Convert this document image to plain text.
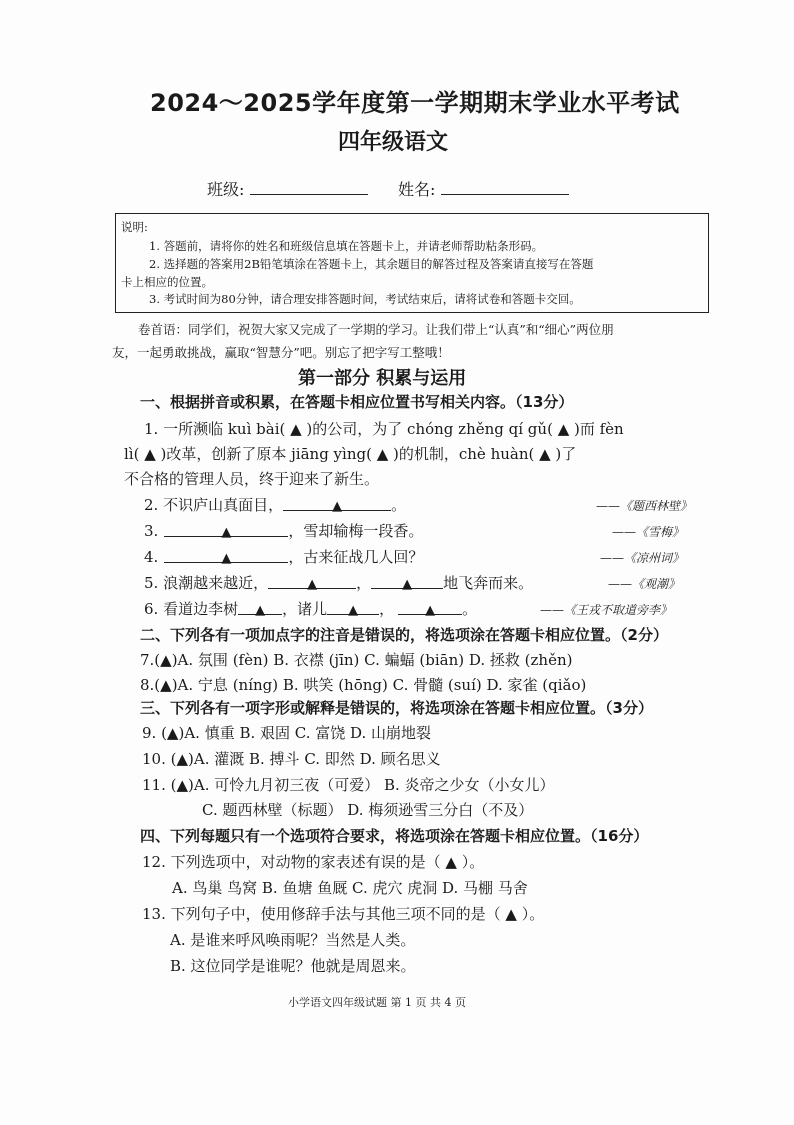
2024～2025学年度第一学期期末学业水平考试
四年级语文
班级:	姓名:
说明:
1. 答题前，请将你的姓名和班级信息填在答题卡上，并请老师帮助粘条形码。
2. 选择题的答案用2B铅笔填涂在答题卡上，其余题目的解答过程及答案请直接写在答题
卡上相应的位置。
3. 考试时间为80分钟，请合理安排答题时间，考试结束后，请将试卷和答题卡交回。
卷首语：同学们，祝贺大家又完成了一学期的学习。让我们带上“认真”和“细心”两位朋
友，一起勇敢挑战，赢取“智慧分”吧。别忘了把字写工整哦！
第一部分 积累与运用
一、根据拼音或积累，在答题卡相应位置书写相关内容。（13分）
1. 一所濒临 kuì bài( ▲ )的公司，为了 chóng zhěng qí gǔ( ▲ )而 fèn
lì( ▲ )改革，创新了原本 jiāng yìng( ▲ )的机制，chè huàn( ▲ )了
不合格的管理人员，终于迎来了新生。
2. 不识庐山真面目，	▲	。	——《题西林壁》
3.	▲	，雪却输梅一段香。	——《雪梅》
4.	▲	，古来征战几人回？	——《凉州词》
5. 浪潮越来越近，	▲	， ▲ 地飞奔而来。	——《观潮》
6. 看道边李树 ▲ ，诸儿 ▲ ， ▲ 。	——《王戎不取道旁李》
二、下列各有一项加点字的注音是错误的，将选项涂在答题卡相应位置。（2分）
7.(▲)A. 氛围 (fèn) B. 衣襟 (jīn) C. 蝙蝠 (biān) D. 拯救 (zhěn)
8.(▲)A. 宁息 (níng) B. 哄笑 (hōng) C. 骨髓 (suí) D. 家雀 (qiǎo)
三、下列各有一项字形或解释是错误的，将选项涂在答题卡相应位置。（3分）
9. (▲)A. 慎重 B. 艰固 C. 富饶 D. 山崩地裂
10. (▲)A. 灌溉 B. 搏斗 C. 即然 D. 顾名思义
11. (▲)A. 可怜九月初三夜（可爱） B. 炎帝之少女（小女儿）
C. 题西林壁（标题） D. 梅须逊雪三分白（不及）
四、下列每题只有一个选项符合要求，将选项涂在答题卡相应位置。（16分）
12. 下列选项中，对动物的家表述有误的是（ ▲ ）。
A. 鸟巢 鸟窝 B. 鱼塘 鱼厩 C. 虎穴 虎洞 D. 马棚 马舍
13. 下列句子中，使用修辞手法与其他三项不同的是（ ▲ ）。
A. 是谁来呼风唤雨呢？当然是人类。
B. 这位同学是谁呢？他就是周恩来。
小学语文四年级试题 第 1 页 共 4 页
